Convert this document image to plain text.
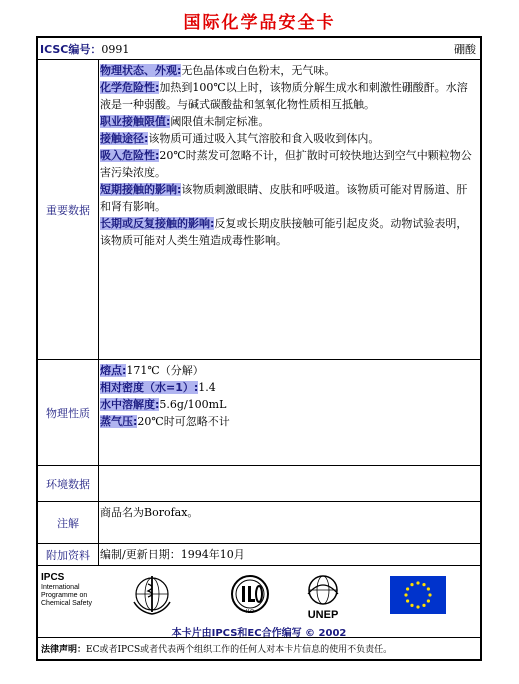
国际化学品安全卡
ICSC编号：0991	硼酸
重要数据
物理状态、外观:无色晶体或白色粉末，无气味。
化学危险性:加热到100℃以上时，该物质分解生成水和刺激性硼酸酐。水溶液是一种弱酸。与碱式碳酸盐和氢氧化物性质相互抵触。
职业接触限值:阈限值未制定标准。
接触途径:该物质可通过吸入其气溶胶和食入吸收到体内。
吸入危险性:20℃时蒸发可忽略不计，但扩散时可较快地达到空气中颗粒物公害污染浓度。
短期接触的影响:该物质刺激眼睛、皮肤和呼吸道。该物质可能对胃肠道、肝和肾有影响。
长期或反复接触的影响:反复或长期皮肤接触可能引起皮炎。动物试验表明，该物质可能对人类生殖造成毒性影响。
物理性质
熔点:171℃（分解）
相对密度（水=1）:1.4
水中溶解度:5.6g/100mL
蒸气压:20℃时可忽略不计
环境数据
注解
商品名为Borofax。
附加资料 编制/更新日期：1994年10月
IPCS
International
Programme on
Chemical Safety
ILO	UNEP
本卡片由IPCS和EC合作编写 © 2002
法律声明：EC或者IPCS或者代表两个组织工作的任何人对本卡片信息的使用不负责任。
